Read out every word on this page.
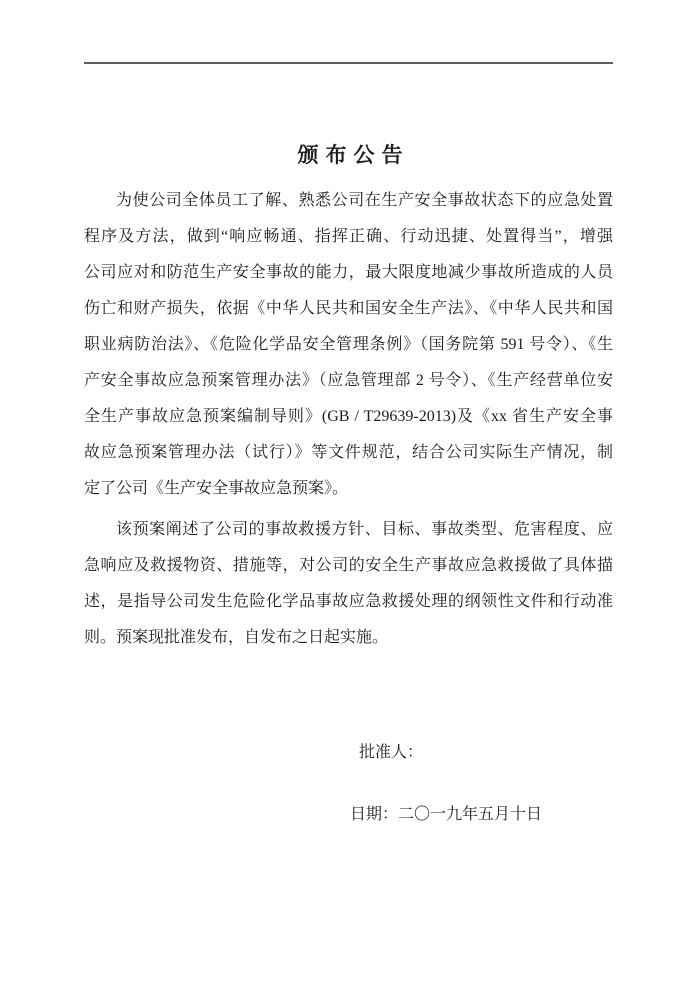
颁布公告
为使公司全体员工了解、熟悉公司在生产安全事故状态下的应急处置
程序及方法，做到“响应畅通、指挥正确、行动迅捷、处置得当”，增强
公司应对和防范生产安全事故的能力，最大限度地减少事故所造成的人员
伤亡和财产损失，依据《中华人民共和国安全生产法》、《中华人民共和国
职业病防治法》、《危险化学品安全管理条例》（国务院第 591 号令）、《生
产安全事故应急预案管理办法》（应急管理部 2 号令）、《生产经营单位安
全生产事故应急预案编制导则》(GB / T29639-2013)及《xx 省生产安全事
故应急预案管理办法（试行）》等文件规范，结合公司实际生产情况，制
定了公司《生产安全事故应急预案》。
该预案阐述了公司的事故救援方针、目标、事故类型、危害程度、应
急响应及救援物资、措施等，对公司的安全生产事故应急救援做了具体描
述，是指导公司发生危险化学品事故应急救援处理的纲领性文件和行动准
则。预案现批准发布，自发布之日起实施。
批准人：
日期：二〇一九年五月十日
